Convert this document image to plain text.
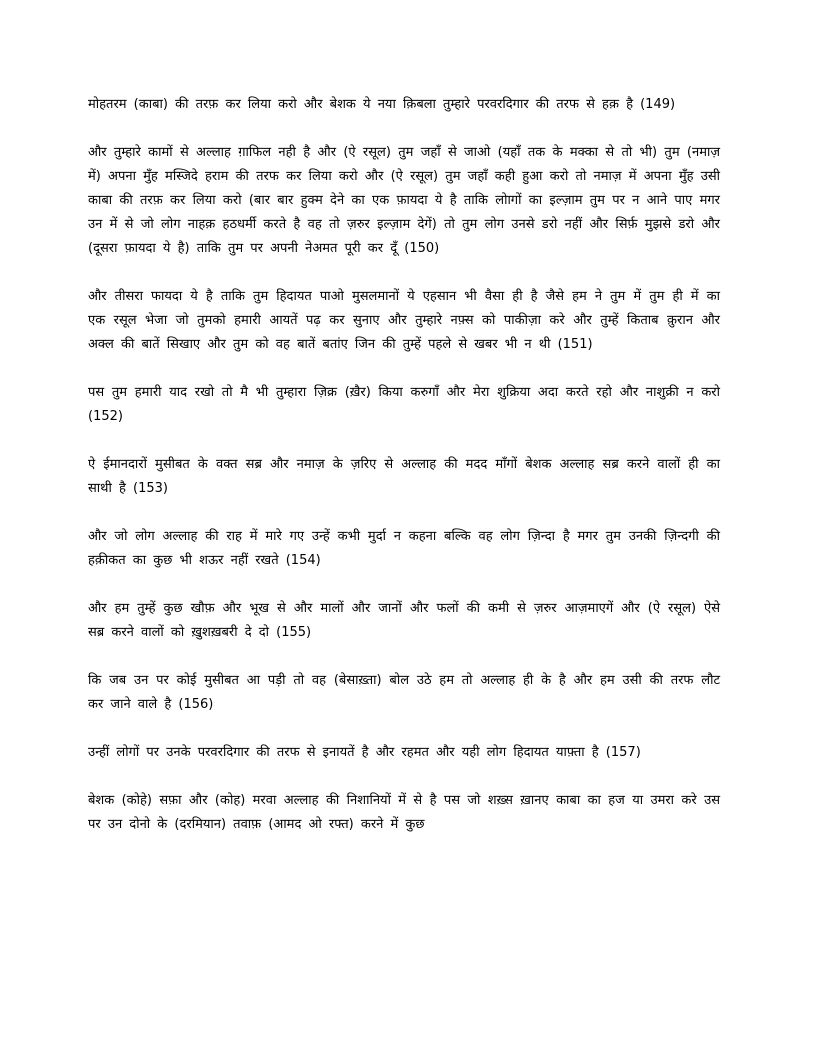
मोहतरम (काबा) की तरफ़ कर लिया करो और बेशक ये नया क़िबला तुम्हारे परवरदिगार की तरफ से हक़ है (149)

और तुम्हारे कामों से अल्लाह ग़ाफिल नही है और (ऐ रसूल) तुम जहाँ से जाओ (यहाँ तक के मक्का से तो भी) तुम (नमाज़ में) अपना मुँह मस्जिदे हराम की तरफ कर लिया करो और (ऐ रसूल) तुम जहाँ कही हुआ करो तो नमाज़ में अपना मुँह उसी काबा की तरफ़ कर लिया करो (बार बार हुक्म देने का एक फ़ायदा ये है ताकि लोागों का इल्ज़ाम तुम पर न आने पाए मगर उन में से जो लोग नाहक़ हठधर्मी करते है वह तो ज़रुर इल्ज़ाम देगें) तो तुम लोग उनसे डरो नहीं और सिर्फ़ मुझसे डरो और (दूसरा फ़ायदा ये है) ताकि तुम पर अपनी नेअमत पूरी कर दूँ (150)

और तीसरा फायदा ये है ताकि तुम हिदायत पाओ मुसलमानों ये एहसान भी वैसा ही है जैसे हम ने तुम में तुम ही में का एक रसूल भेजा जो तुमको हमारी आयतें पढ़ कर सुनाए और तुम्हारे नफ़्स को पाकीज़ा करे और तुम्हें किताब क़ुरान और अक्ल की बातें सिखाए और तुम को वह बातें बतांए जिन की तुम्हें पहले से खबर भी न थी (151)

पस तुम हमारी याद रखो तो मै भी तुम्हारा ज़िक्र (ख़ैर) किया करुगाँ और मेरा शुक्रिया अदा करते रहो और नाशुक्री न करो (152)

ऐ ईमानदारों मुसीबत के वक्त सब्र और नमाज़ के ज़रिए से अल्लाह की मदद माँगों बेशक अल्लाह सब्र करने वालों ही का साथी है (153)

और जो लोग अल्लाह की राह में मारे गए उन्हें कभी मुर्दा न कहना बल्कि वह लोग ज़िन्दा है मगर तुम उनकी ज़िन्दगी की हक़ीकत का कुछ भी शऊर नहीं रखते (154)

और हम तुम्हें कुछ खौफ़ और भूख से और मालों और जानों और फलों की कमी से ज़रुर आज़माएगें और (ऐ रसूल) ऐसे सब्र करने वालों को ख़ुशख़बरी दे दो (155)

कि जब उन पर कोई मुसीबत आ पड़ी तो वह (बेसाख़्ता) बोल उठे हम तो अल्लाह ही के है और हम उसी की तरफ लौट कर जाने वाले है (156)

उन्हीं लोगों पर उनके परवरदिगार की तरफ से इनायतें है और रहमत और यही लोग हिदायत याफ़्ता है (157)

बेशक (कोहे) सफ़ा और (कोह) मरवा अल्लाह की निशानियों में से है पस जो शख़्स ख़ानए काबा का हज या उमरा करे उस पर उन दोनो के (दरमियान) तवाफ़ (आमद ओ रफ्त) करने में कुछ
